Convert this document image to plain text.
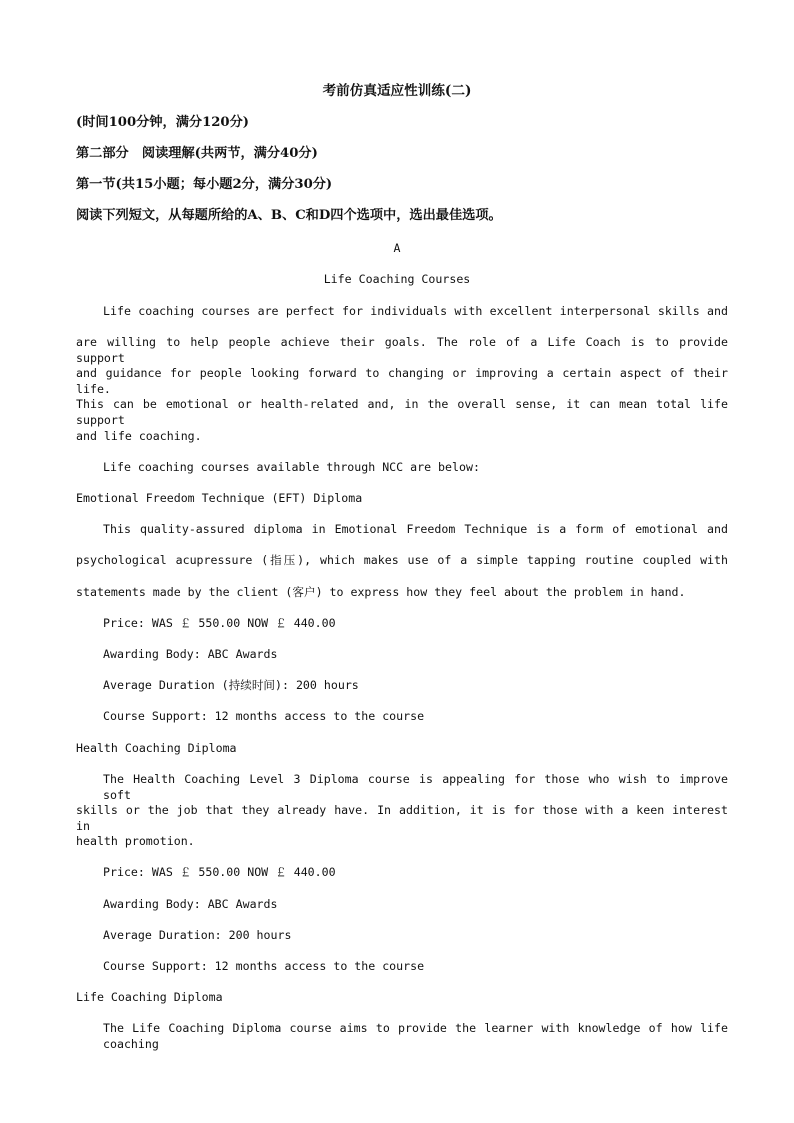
考前仿真适应性训练(二)
(时间100分钟，满分120分)
第二部分　阅读理解(共两节，满分40分)
第一节(共15小题；每小题2分，满分30分)
阅读下列短文，从每题所给的A、B、C和D四个选项中，选出最佳选项。
A
Life Coaching Courses
Life coaching courses are perfect for individuals with excellent interpersonal skills and
are willing to help people achieve their goals. The role of a Life Coach is to provide support
and guidance for people looking forward to changing or improving a certain aspect of their life.
This can be emotional or health-related and, in the overall sense, it can mean total life support
and life coaching.
Life coaching courses available through NCC are below:
Emotional Freedom Technique (EFT) Diploma
This quality-assured diploma in Emotional Freedom Technique is a form of emotional and
psychological acupressure (指压), which makes use of a simple tapping routine coupled with
statements made by the client (客户) to express how they feel about the problem in hand.
Price: WAS ￡ 550.00 NOW ￡ 440.00
Awarding Body: ABC Awards
Average Duration (持续时间): 200 hours
Course Support: 12 months access to the course
Health Coaching Diploma
The Health Coaching Level 3 Diploma course is appealing for those who wish to improve soft
skills or the job that they already have. In addition, it is for those with a keen interest in
health promotion.
Price: WAS ￡ 550.00 NOW ￡ 440.00
Awarding Body: ABC Awards
Average Duration: 200 hours
Course Support: 12 months access to the course
Life Coaching Diploma
The Life Coaching Diploma course aims to provide the learner with knowledge of how life coaching
